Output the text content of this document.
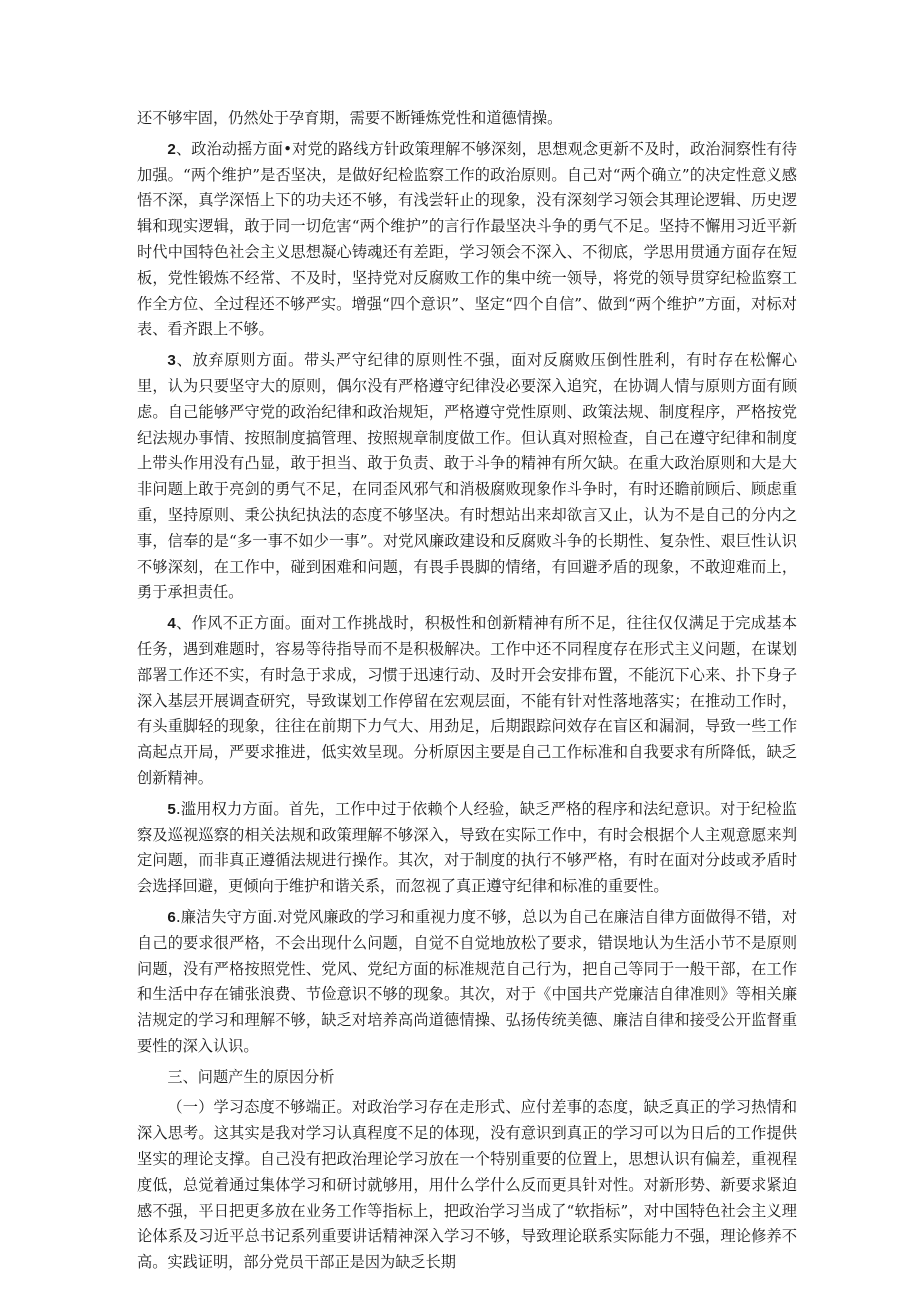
还不够牢固，仍然处于孕育期，需要不断锤炼党性和道德情操。

2、政治动摇方面•对党的路线方针政策理解不够深刻，思想观念更新不及时，政治洞察性有待加强。“两个维护”是否坚决，是做好纪检监察工作的政治原则。自己对“两个确立”的决定性意义感悟不深，真学深悟上下的功夫还不够，有浅尝轩止的现象，没有深刻学习领会其理论逻辑、历史逻辑和现实逻辑，敢于同一切危害“两个维护”的言行作最坚决斗争的勇气不足。坚持不懈用习近平新时代中国特色社会主义思想凝心铸魂还有差距，学习领会不深入、不彻底，学思用贯通方面存在短板，党性锻炼不经常、不及时，坚持党对反腐败工作的集中统一领导，将党的领导贯穿纪检监察工作全方位、全过程还不够严实。增强“四个意识”、坚定“四个自信”、做到“两个维护”方面，对标对表、看齐跟上不够。

3、放弃原则方面。带头严守纪律的原则性不强，面对反腐败压倒性胜利，有时存在松懈心里，认为只要坚守大的原则，偶尔没有严格遵守纪律没必要深入追究，在协调人情与原则方面有顾虑。自己能够严守党的政治纪律和政治规矩，严格遵守党性原则、政策法规、制度程序，严格按党纪法规办事情、按照制度搞管理、按照规章制度做工作。但认真对照检查，自己在遵守纪律和制度上带头作用没有凸显，敢于担当、敢于负责、敢于斗争的精神有所欠缺。在重大政治原则和大是大非问题上敢于亮剑的勇气不足，在同歪风邪气和消极腐败现象作斗争时，有时还瞻前顾后、顾虑重重，坚持原则、秉公执纪执法的态度不够坚决。有时想站出来却欲言又止，认为不是自己的分内之事，信奉的是“多一事不如少一事”。对党风廉政建设和反腐败斗争的长期性、复杂性、艰巨性认识不够深刻，在工作中，碰到困难和问题，有畏手畏脚的情绪，有回避矛盾的现象，不敢迎难而上，勇于承担责任。

4、作风不正方面。面对工作挑战时，积极性和创新精神有所不足，往往仅仅满足于完成基本任务，遇到难题时，容易等待指导而不是积极解决。工作中还不同程度存在形式主义问题，在谋划部署工作还不实，有时急于求成，习惯于迅速行动、及时开会安排布置，不能沉下心来、扑下身子深入基层开展调查研究，导致谋划工作停留在宏观层面，不能有针对性落地落实；在推动工作时，有头重脚轻的现象，往往在前期下力气大、用劲足，后期跟踪问效存在盲区和漏洞，导致一些工作高起点开局，严要求推进，低实效呈现。分析原因主要是自己工作标准和自我要求有所降低，缺乏创新精神。

5.滥用权力方面。首先，工作中过于依赖个人经验，缺乏严格的程序和法纪意识。对于纪检监察及巡视巡察的相关法规和政策理解不够深入，导致在实际工作中，有时会根据个人主观意愿来判定问题，而非真正遵循法规进行操作。其次，对于制度的执行不够严格，有时在面对分歧或矛盾时会选择回避，更倾向于维护和谐关系，而忽视了真正遵守纪律和标准的重要性。

6.廉洁失守方面.对党风廉政的学习和重视力度不够，总以为自己在廉洁自律方面做得不错，对自己的要求很严格，不会出现什么问题，自觉不自觉地放松了要求，错误地认为生活小节不是原则问题，没有严格按照党性、党风、党纪方面的标准规范自己行为，把自己等同于一般干部，在工作和生活中存在铺张浪费、节俭意识不够的现象。其次，对于《中国共产党廉洁自律准则》等相关廉洁规定的学习和理解不够，缺乏对培养高尚道德情操、弘扬传统美德、廉洁自律和接受公开监督重要性的深入认识。

三、问题产生的原因分析

（一）学习态度不够端正。对政治学习存在走形式、应付差事的态度，缺乏真正的学习热情和深入思考。这其实是我对学习认真程度不足的体现，没有意识到真正的学习可以为日后的工作提供坚实的理论支撑。自己没有把政治理论学习放在一个特别重要的位置上，思想认识有偏差，重视程度低，总觉着通过集体学习和研讨就够用，用什么学什么反而更具针对性。对新形势、新要求紧迫感不强，平日把更多放在业务工作等指标上，把政治学习当成了“软指标”，对中国特色社会主义理论体系及习近平总书记系列重要讲话精神深入学习不够，导致理论联系实际能力不强，理论修养不高。实践证明，部分党员干部正是因为缺乏长期
